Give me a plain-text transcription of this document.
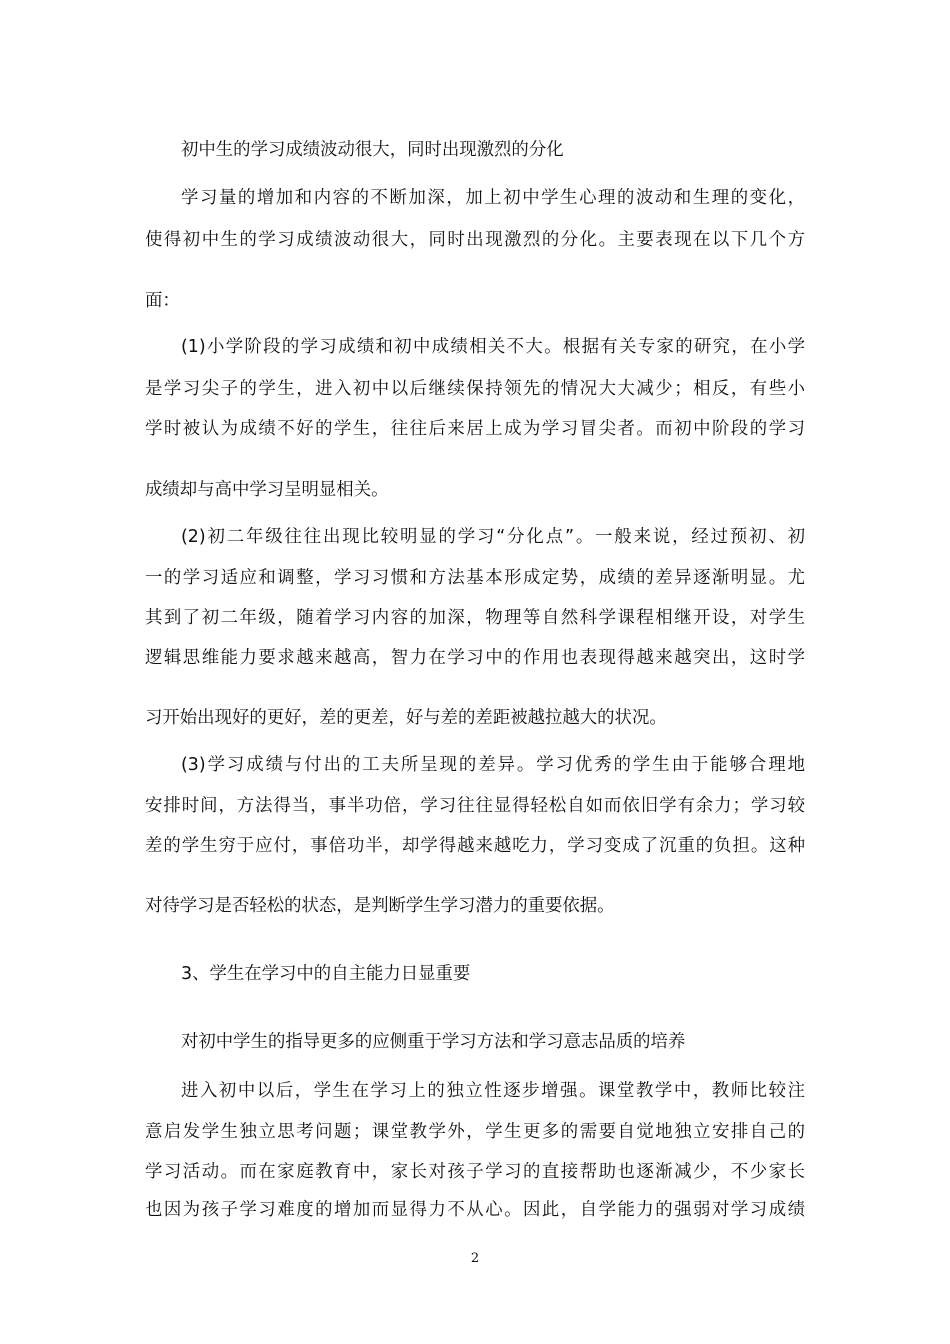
初中生的学习成绩波动很大，同时出现激烈的分化
学习量的增加和内容的不断加深，加上初中学生心理的波动和生理的变化，
使得初中生的学习成绩波动很大，同时出现激烈的分化。主要表现在以下几个方
面：
(1)小学阶段的学习成绩和初中成绩相关不大。根据有关专家的研究，在小学
是学习尖子的学生，进入初中以后继续保持领先的情况大大减少；相反，有些小
学时被认为成绩不好的学生，往往后来居上成为学习冒尖者。而初中阶段的学习
成绩却与高中学习呈明显相关。
(2)初二年级往往出现比较明显的学习“分化点”。一般来说，经过预初、初
一的学习适应和调整，学习习惯和方法基本形成定势，成绩的差异逐渐明显。尤
其到了初二年级，随着学习内容的加深，物理等自然科学课程相继开设，对学生
逻辑思维能力要求越来越高，智力在学习中的作用也表现得越来越突出，这时学
习开始出现好的更好，差的更差，好与差的差距被越拉越大的状况。
(3)学习成绩与付出的工夫所呈现的差异。学习优秀的学生由于能够合理地
安排时间，方法得当，事半功倍，学习往往显得轻松自如而依旧学有余力；学习较
差的学生穷于应付，事倍功半，却学得越来越吃力，学习变成了沉重的负担。这种
对待学习是否轻松的状态，是判断学生学习潜力的重要依据。
3、学生在学习中的自主能力日显重要
对初中学生的指导更多的应侧重于学习方法和学习意志品质的培养
进入初中以后，学生在学习上的独立性逐步增强。课堂教学中，教师比较注
意启发学生独立思考问题；课堂教学外，学生更多的需要自觉地独立安排自己的
学习活动。而在家庭教育中，家长对孩子学习的直接帮助也逐渐减少，不少家长
也因为孩子学习难度的增加而显得力不从心。因此，自学能力的强弱对学习成绩
2
